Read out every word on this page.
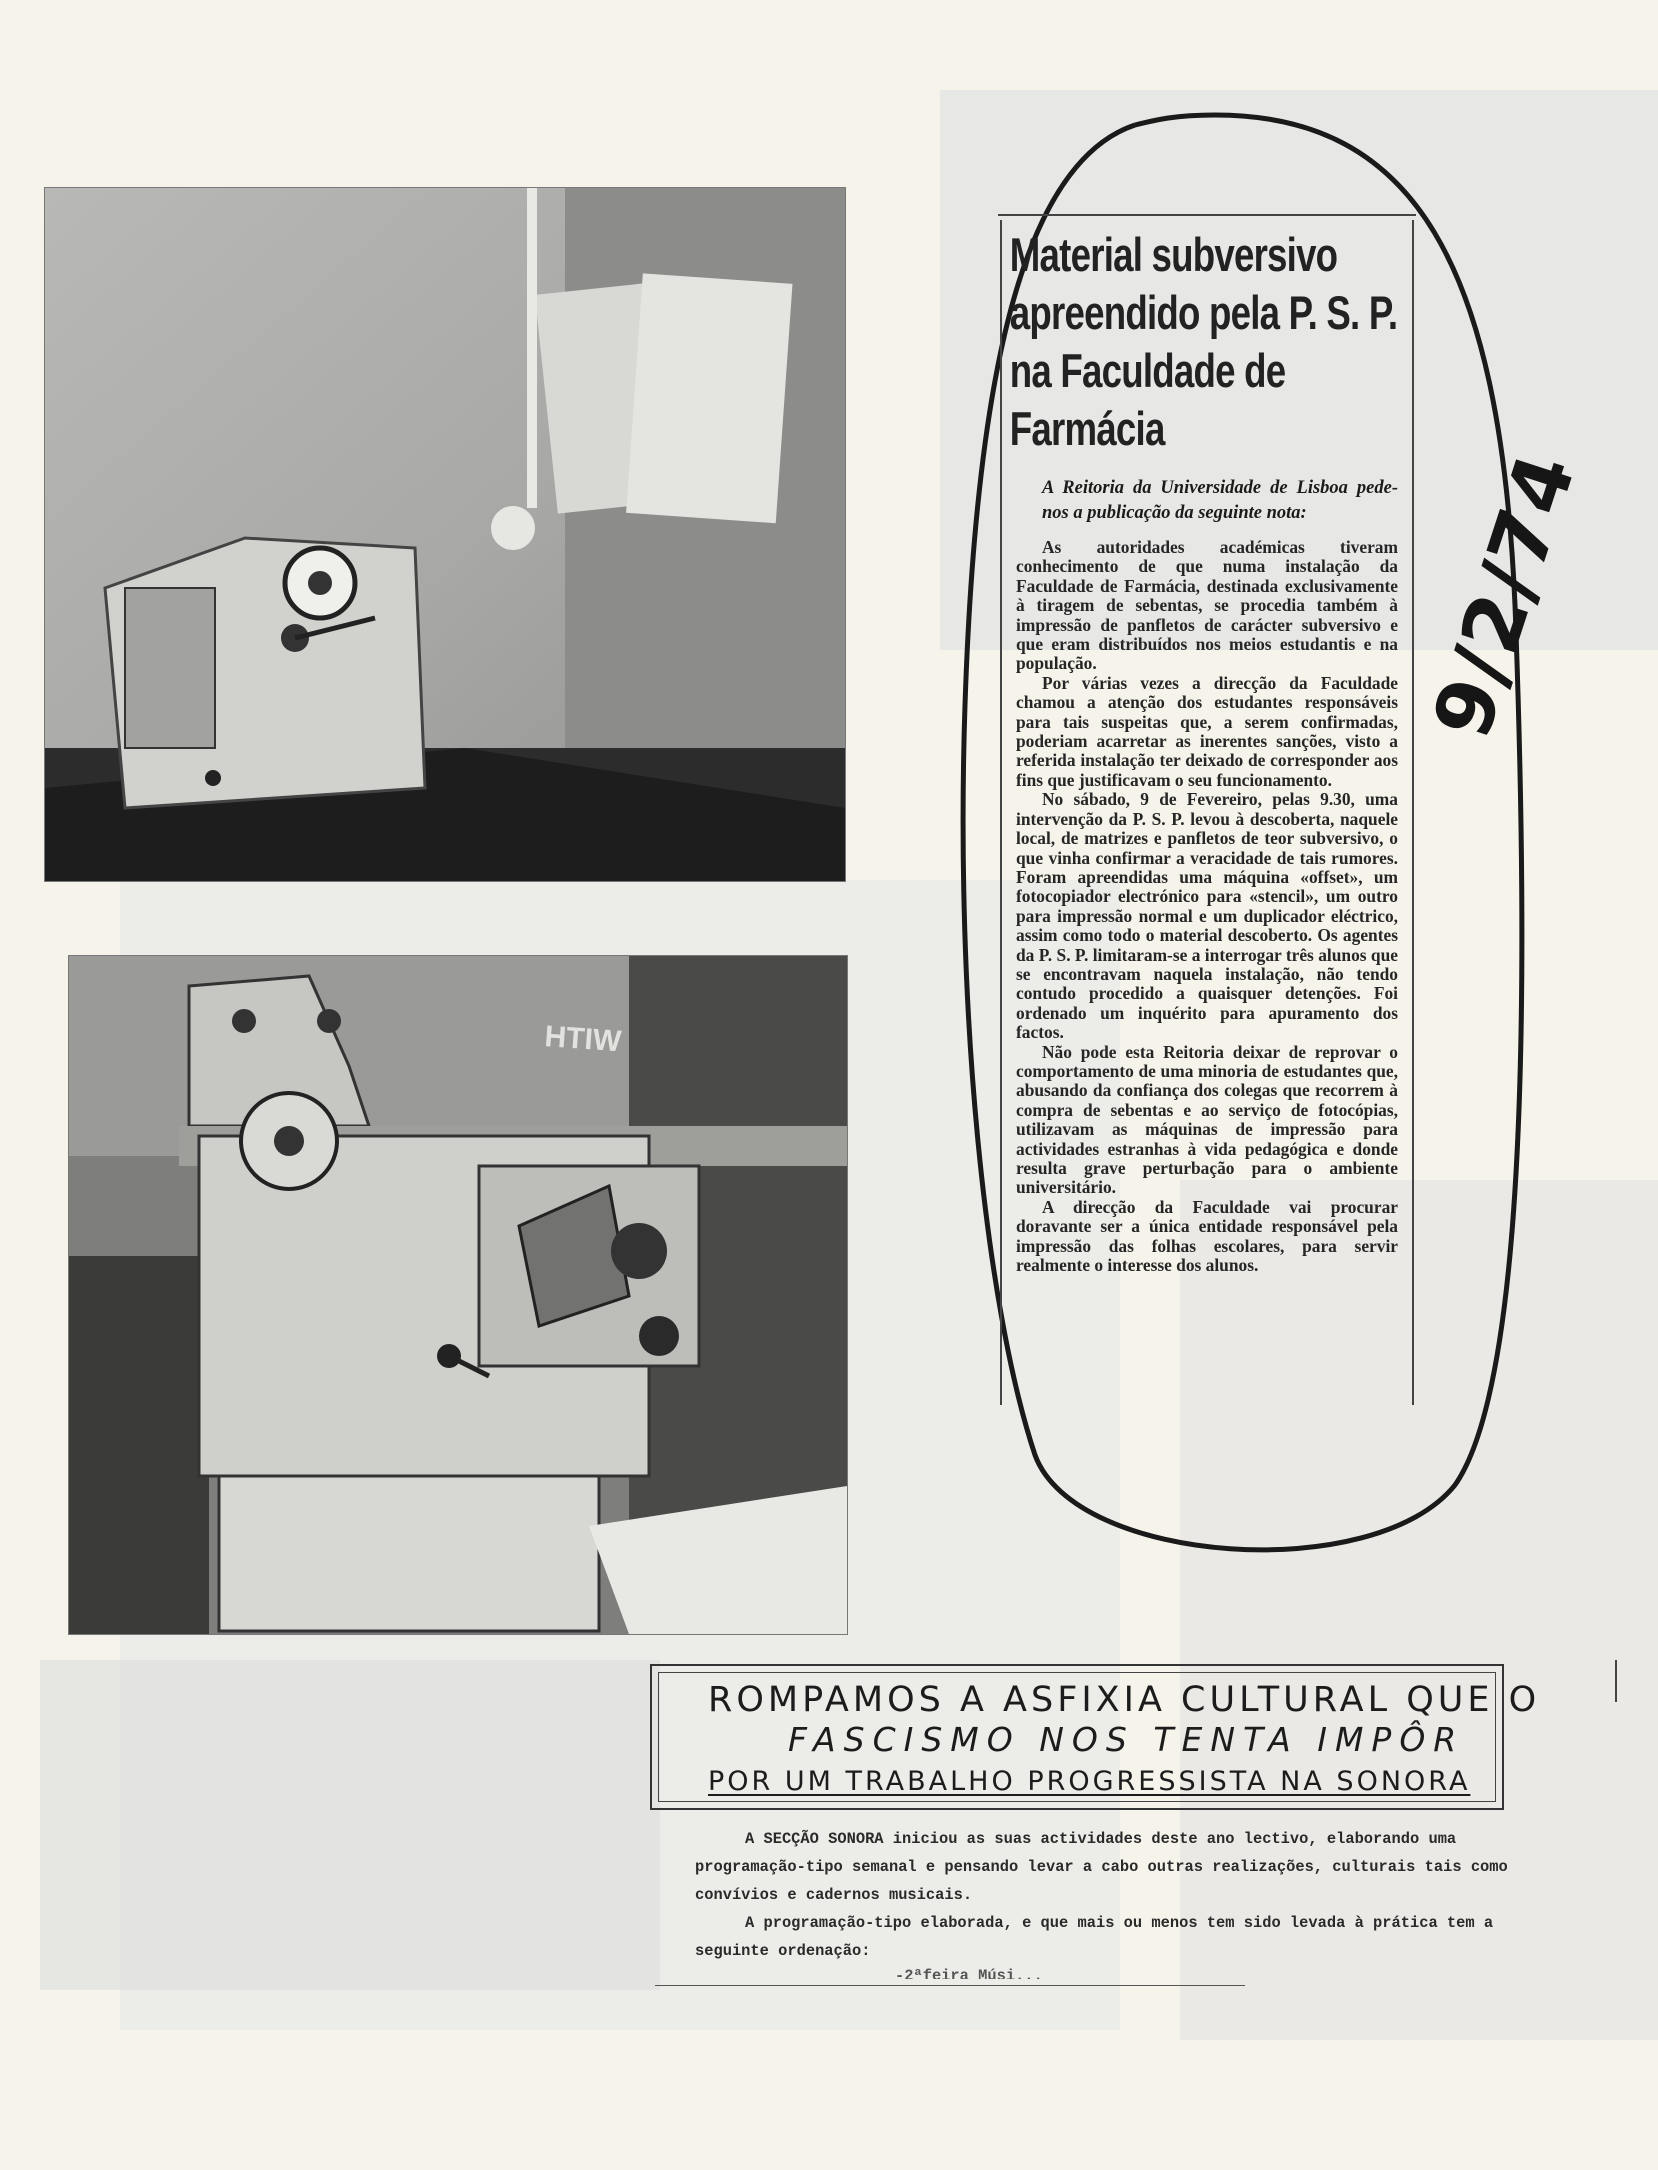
HTIW
Material subversivo
apreendido pela P. S. P.
na Faculdade de Farmácia
A Reitoria da Universidade de Lisboa pede-nos a publicação da seguinte nota:

As autoridades académicas tiveram conhecimento de que numa instalação da Faculdade de Farmácia, destinada exclusivamente à tiragem de sebentas, se procedia também à impressão de panfletos de carácter subversivo e que eram distribuídos nos meios estudantis e na população.

Por várias vezes a direcção da Faculdade chamou a atenção dos estudantes responsáveis para tais suspeitas que, a serem confirmadas, poderiam acarretar as inerentes sanções, visto a referida instalação ter deixado de corresponder aos fins que justificavam o seu funcionamento.

No sábado, 9 de Fevereiro, pelas 9.30, uma intervenção da P. S. P. levou à descoberta, naquele local, de matrizes e panfletos de teor subversivo, o que vinha confirmar a veracidade de tais rumores. Foram apreendidas uma máquina «offset», um fotocopiador electrónico para «stencil», um outro para impressão normal e um duplicador eléctrico, assim como todo o material descoberto. Os agentes da P. S. P. limitaram-se a interrogar três alunos que se encontravam naquela instalação, não tendo contudo procedido a quaisquer detenções. Foi ordenado um inquérito para apuramento dos factos.

Não pode esta Reitoria deixar de reprovar o comportamento de uma minoria de estudantes que, abusando da confiança dos colegas que recorrem à compra de sebentas e ao serviço de fotocópias, utilizavam as máquinas de impressão para actividades estranhas à vida pedagógica e donde resulta grave perturbação para o ambiente universitário.

A direcção da Faculdade vai procurar doravante ser a única entidade responsável pela impressão das folhas escolares, para servir realmente o interesse dos alunos.

9/2/74
ROMPAMOS A ASFIXIA CULTURAL QUE O
FASCISMO NOS TENTA IMPÔR
POR UM TRABALHO PROGRESSISTA NA SONORA

A SECÇÃO SONORA iniciou as suas actividades deste ano lectivo, elaborando uma programação-tipo semanal e pensando levar a cabo outras realizações, culturais tais como convívios e cadernos musicais.

A programação-tipo elaborada, e que mais ou menos tem sido levada à prática tem a seguinte ordenação:

-2ªfeira Músi...
